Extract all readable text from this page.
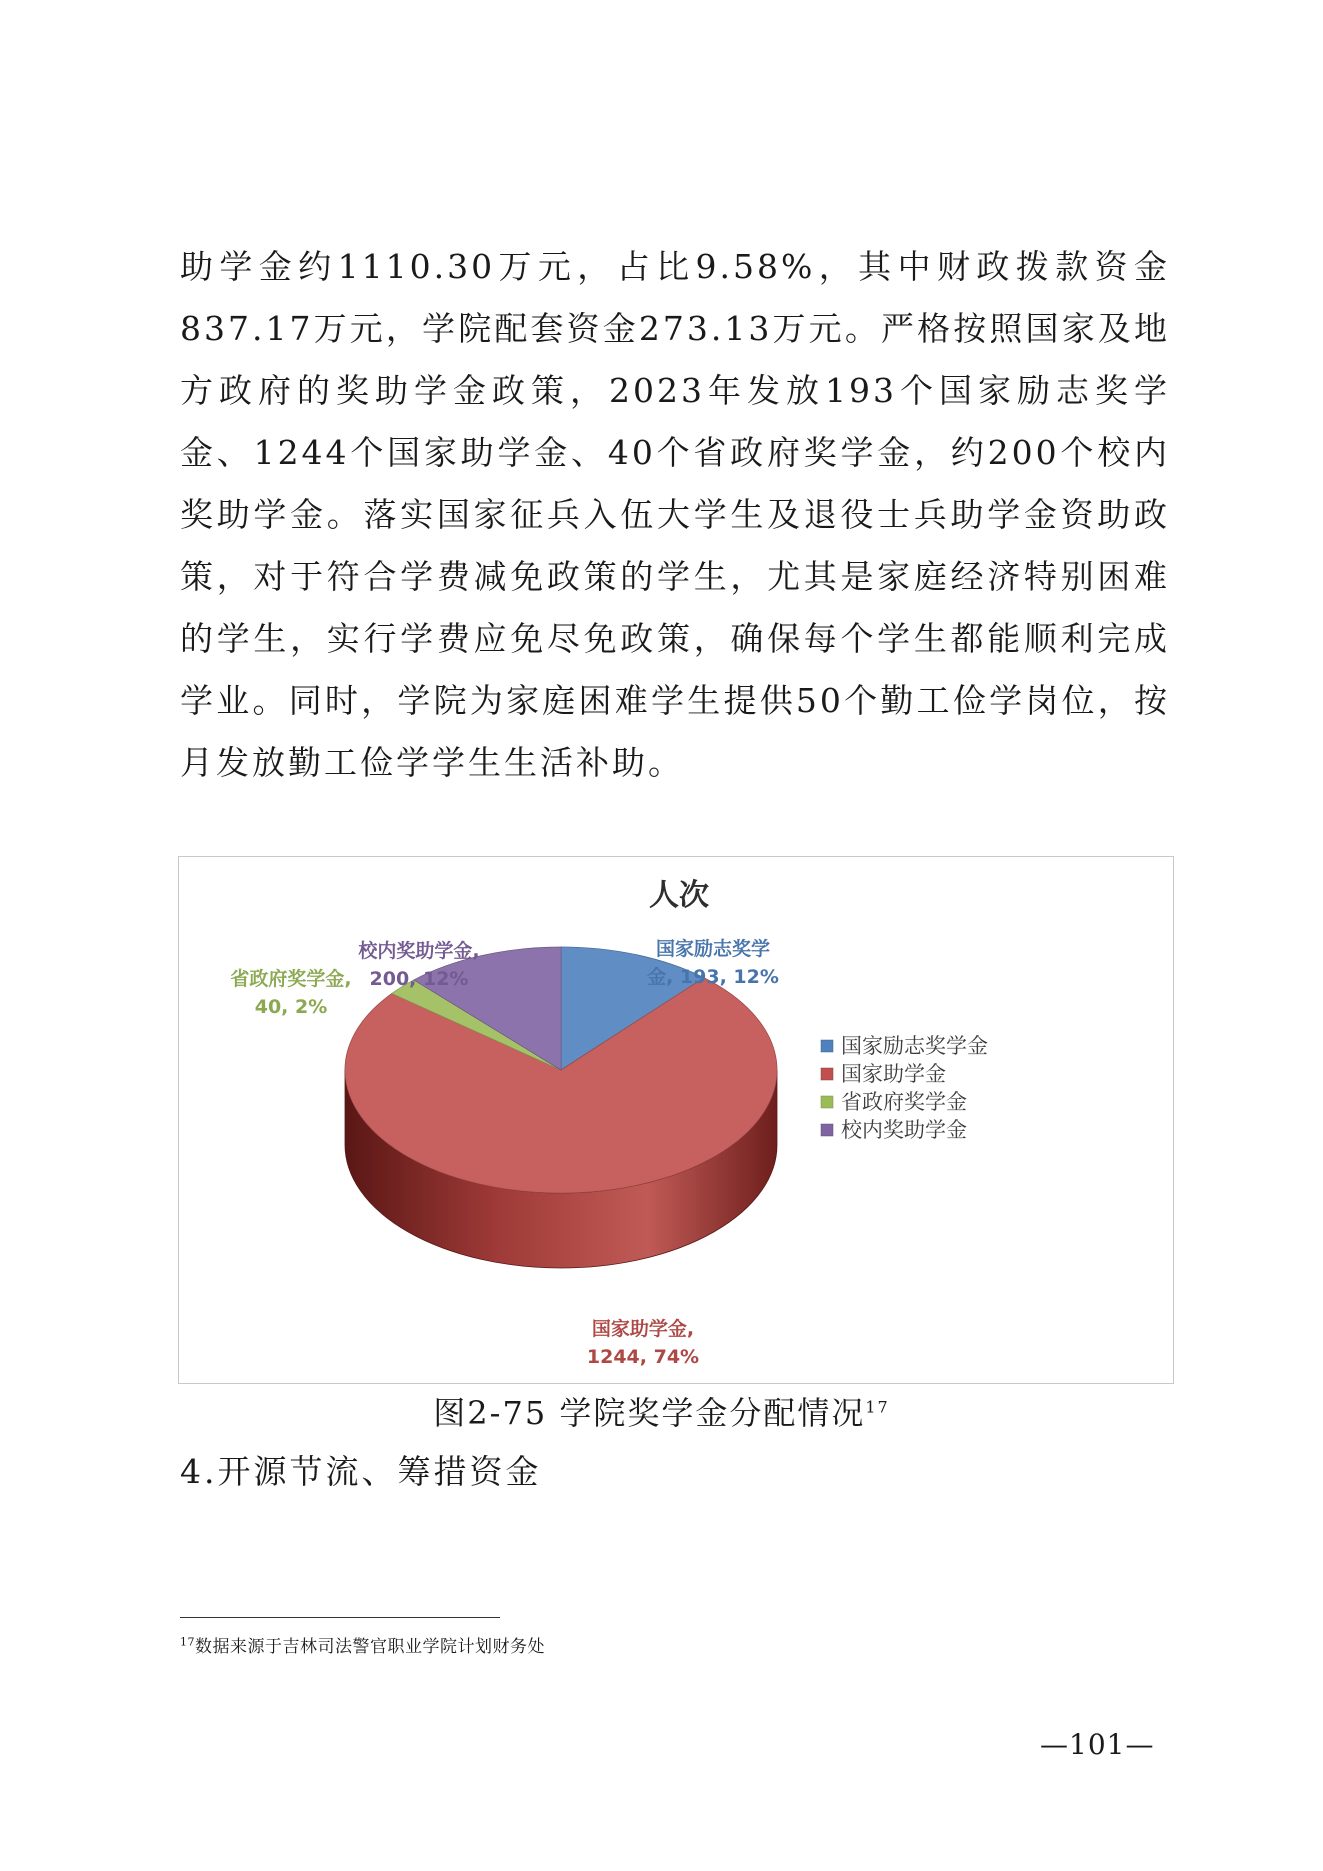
助学金约1110.30万元，占比9.58%，其中财政拨款资金837.17万元，学院配套资金273.13万元。严格按照国家及地方政府的奖助学金政策，2023年发放193个国家励志奖学金、1244个国家助学金、40个省政府奖学金，约200个校内奖助学金。落实国家征兵入伍大学生及退役士兵助学金资助政策，对于符合学费减免政策的学生，尤其是家庭经济特别困难的学生，实行学费应免尽免政策，确保每个学生都能顺利完成学业。同时，学院为家庭困难学生提供50个勤工俭学岗位，按月发放勤工俭学学生生活补助。

人次
国家励志奖学金, 193, 12%
国家助学金, 1244, 74%
省政府奖学金, 40, 2%
校内奖助学金, 200, 12%
国家励志奖学金
国家助学金
省政府奖学金
校内奖助学金

图2-75 学院奖学金分配情况$^{17}$

4.开源节流、筹措资金

$^{17}$数据来源于吉林司法警官职业学院计划财务处

—101—
